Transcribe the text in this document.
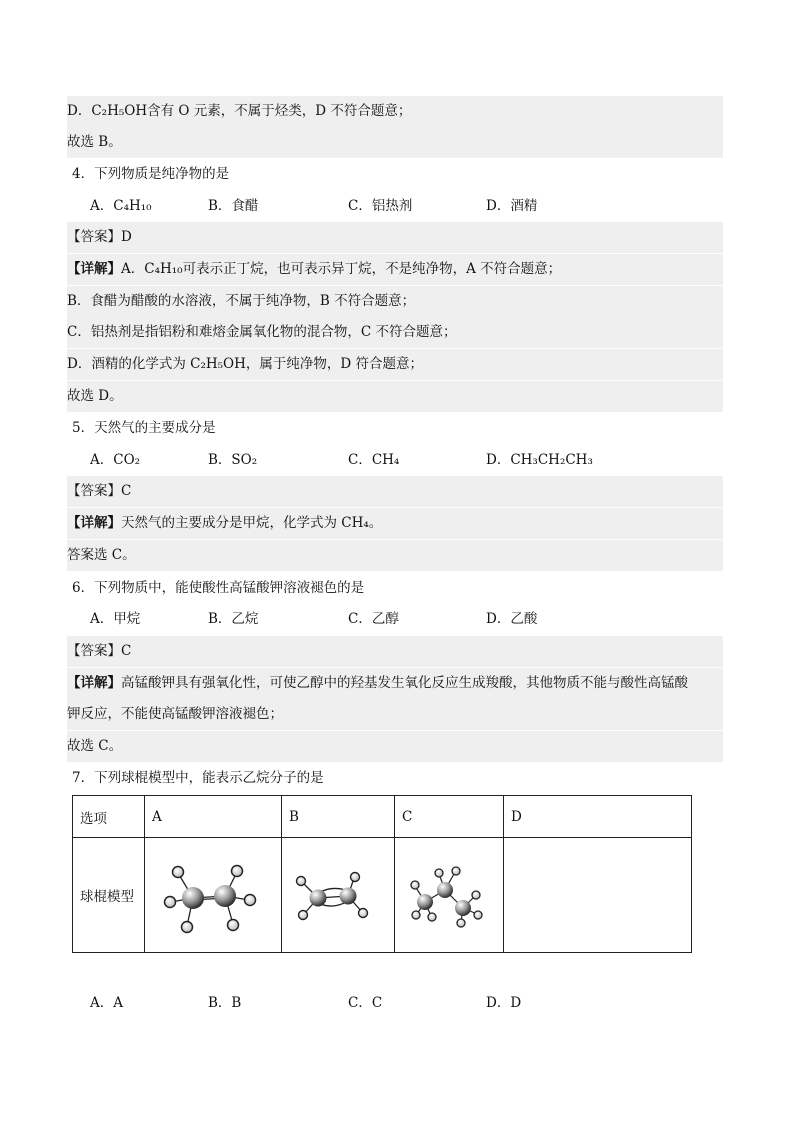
D．C₂H₅OH含有 O 元素，不属于烃类，D 不符合题意；
故选 B。
4．下列物质是纯净物的是
A．C₄H₁₀	B．食醋	C．铝热剂	D．酒精
【答案】D
【详解】A．C₄H₁₀可表示正丁烷，也可表示异丁烷，不是纯净物，A 不符合题意；
B．食醋为醋酸的水溶液，不属于纯净物，B 不符合题意；
C．铝热剂是指铝粉和难熔金属氧化物的混合物，C 不符合题意；
D．酒精的化学式为 C₂H₅OH，属于纯净物，D 符合题意；
故选 D。
5．天然气的主要成分是
A．CO₂	B．SO₂	C．CH₄	D．CH₃CH₂CH₃
【答案】C
【详解】天然气的主要成分是甲烷，化学式为 CH₄。
答案选 C。
6．下列物质中，能使酸性高锰酸钾溶液褪色的是
A．甲烷	B．乙烷	C．乙醇	D．乙酸
【答案】C
【详解】高锰酸钾具有强氧化性，可使乙醇中的羟基发生氧化反应生成羧酸，其他物质不能与酸性高锰酸
钾反应，不能使高锰酸钾溶液褪色；
故选 C。
7．下列球棍模型中，能表示乙烷分子的是
选项	A	B	C	D
球棍模型	

A．A	B．B	C．C	D．D
